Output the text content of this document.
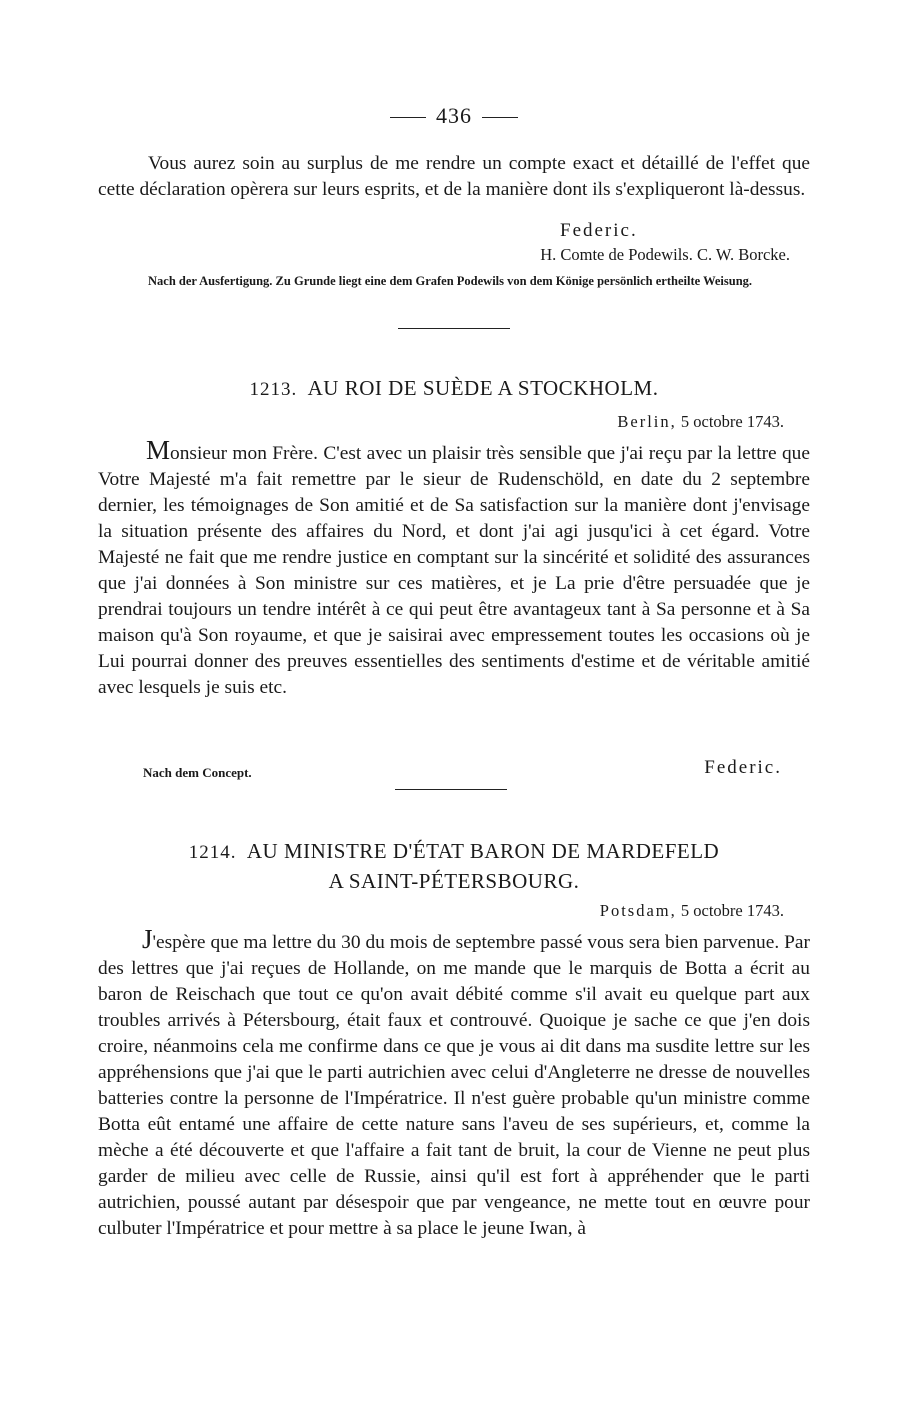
436
Vous aurez soin au surplus de me rendre un compte exact et détaillé de l'effet que cette déclaration opèrera sur leurs esprits, et de la manière dont ils s'expliqueront là-dessus.
Federic.
H. Comte de Podewils. C. W. Borcke.
Nach der Ausfertigung. Zu Grunde liegt eine dem Grafen Podewils von dem Könige persönlich ertheilte Weisung.
1213. AU ROI DE SUÈDE A STOCKHOLM.
Berlin, 5 octobre 1743.
Monsieur mon Frère. C'est avec un plaisir très sensible que j'ai reçu par la lettre que Votre Majesté m'a fait remettre par le sieur de Rudenschöld, en date du 2 septembre dernier, les témoignages de Son amitié et de Sa satisfaction sur la manière dont j'envisage la situation présente des affaires du Nord, et dont j'ai agi jusqu'ici à cet égard. Votre Majesté ne fait que me rendre justice en comptant sur la sincérité et solidité des assurances que j'ai données à Son ministre sur ces matières, et je La prie d'être persuadée que je prendrai toujours un tendre intérêt à ce qui peut être avantageux tant à Sa personne et à Sa maison qu'à Son royaume, et que je saisirai avec empressement toutes les occasions où je Lui pourrai donner des preuves essentielles des sentiments d'estime et de véritable amitié avec lesquels je suis etc.
Nach dem Concept.	Federic.
1214. AU MINISTRE D'ÉTAT BARON DE MARDEFELD
A SAINT-PÉTERSBOURG.
Potsdam, 5 octobre 1743.
J'espère que ma lettre du 30 du mois de septembre passé vous sera bien parvenue. Par des lettres que j'ai reçues de Hollande, on me mande que le marquis de Botta a écrit au baron de Reischach que tout ce qu'on avait débité comme s'il avait eu quelque part aux troubles arrivés à Pétersbourg, était faux et controuvé. Quoique je sache ce que j'en dois croire, néanmoins cela me confirme dans ce que je vous ai dit dans ma susdite lettre sur les appréhensions que j'ai que le parti autrichien avec celui d'Angleterre ne dresse de nouvelles batteries contre la personne de l'Impératrice. Il n'est guère probable qu'un ministre comme Botta eût entamé une affaire de cette nature sans l'aveu de ses supérieurs, et, comme la mèche a été découverte et que l'affaire a fait tant de bruit, la cour de Vienne ne peut plus garder de milieu avec celle de Russie, ainsi qu'il est fort à appréhender que le parti autrichien, poussé autant par désespoir que par vengeance, ne mette tout en œuvre pour culbuter l'Impératrice et pour mettre à sa place le jeune Iwan, à
